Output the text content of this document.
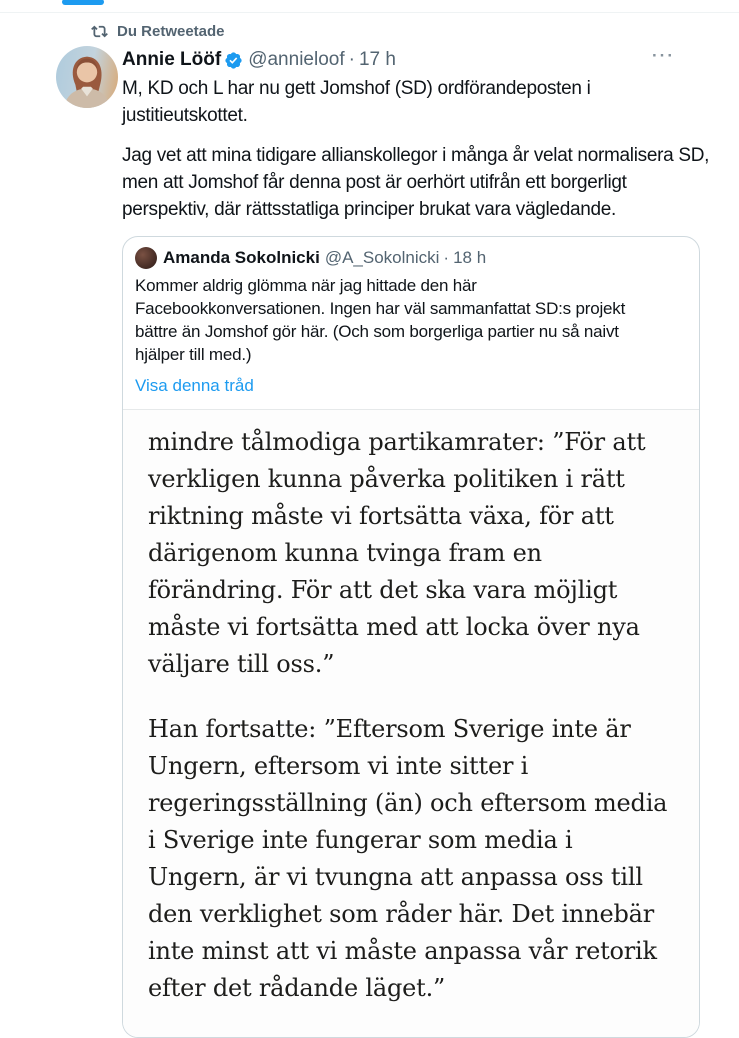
Du Retweetade
Annie Lööf @annieloof · 17 h	···
M, KD och L har nu gett Jomshof (SD) ordförandeposten i
justitieutskottet.
Jag vet att mina tidigare allianskollegor i många år velat normalisera SD,
men att Jomshof får denna post är oerhört utifrån ett borgerligt
perspektiv, där rättsstatliga principer brukat vara vägledande.
Amanda Sokolnicki @A_Sokolnicki · 18 h
Kommer aldrig glömma när jag hittade den här
Facebookkonversationen. Ingen har väl sammanfattat SD:s projekt
bättre än Jomshof gör här. (Och som borgerliga partier nu så naivt
hjälper till med.)
Visa denna tråd
mindre tålmodiga partikamrater: ”För att
verkligen kunna påverka politiken i rätt
riktning måste vi fortsätta växa, för att
därigenom kunna tvinga fram en
förändring. För att det ska vara möjligt
måste vi fortsätta med att locka över nya
väljare till oss.”
Han fortsatte: ”Eftersom Sverige inte är
Ungern, eftersom vi inte sitter i
regeringsställning (än) och eftersom media
i Sverige inte fungerar som media i
Ungern, är vi tvungna att anpassa oss till
den verklighet som råder här. Det innebär
inte minst att vi måste anpassa vår retorik
efter det rådande läget.”
